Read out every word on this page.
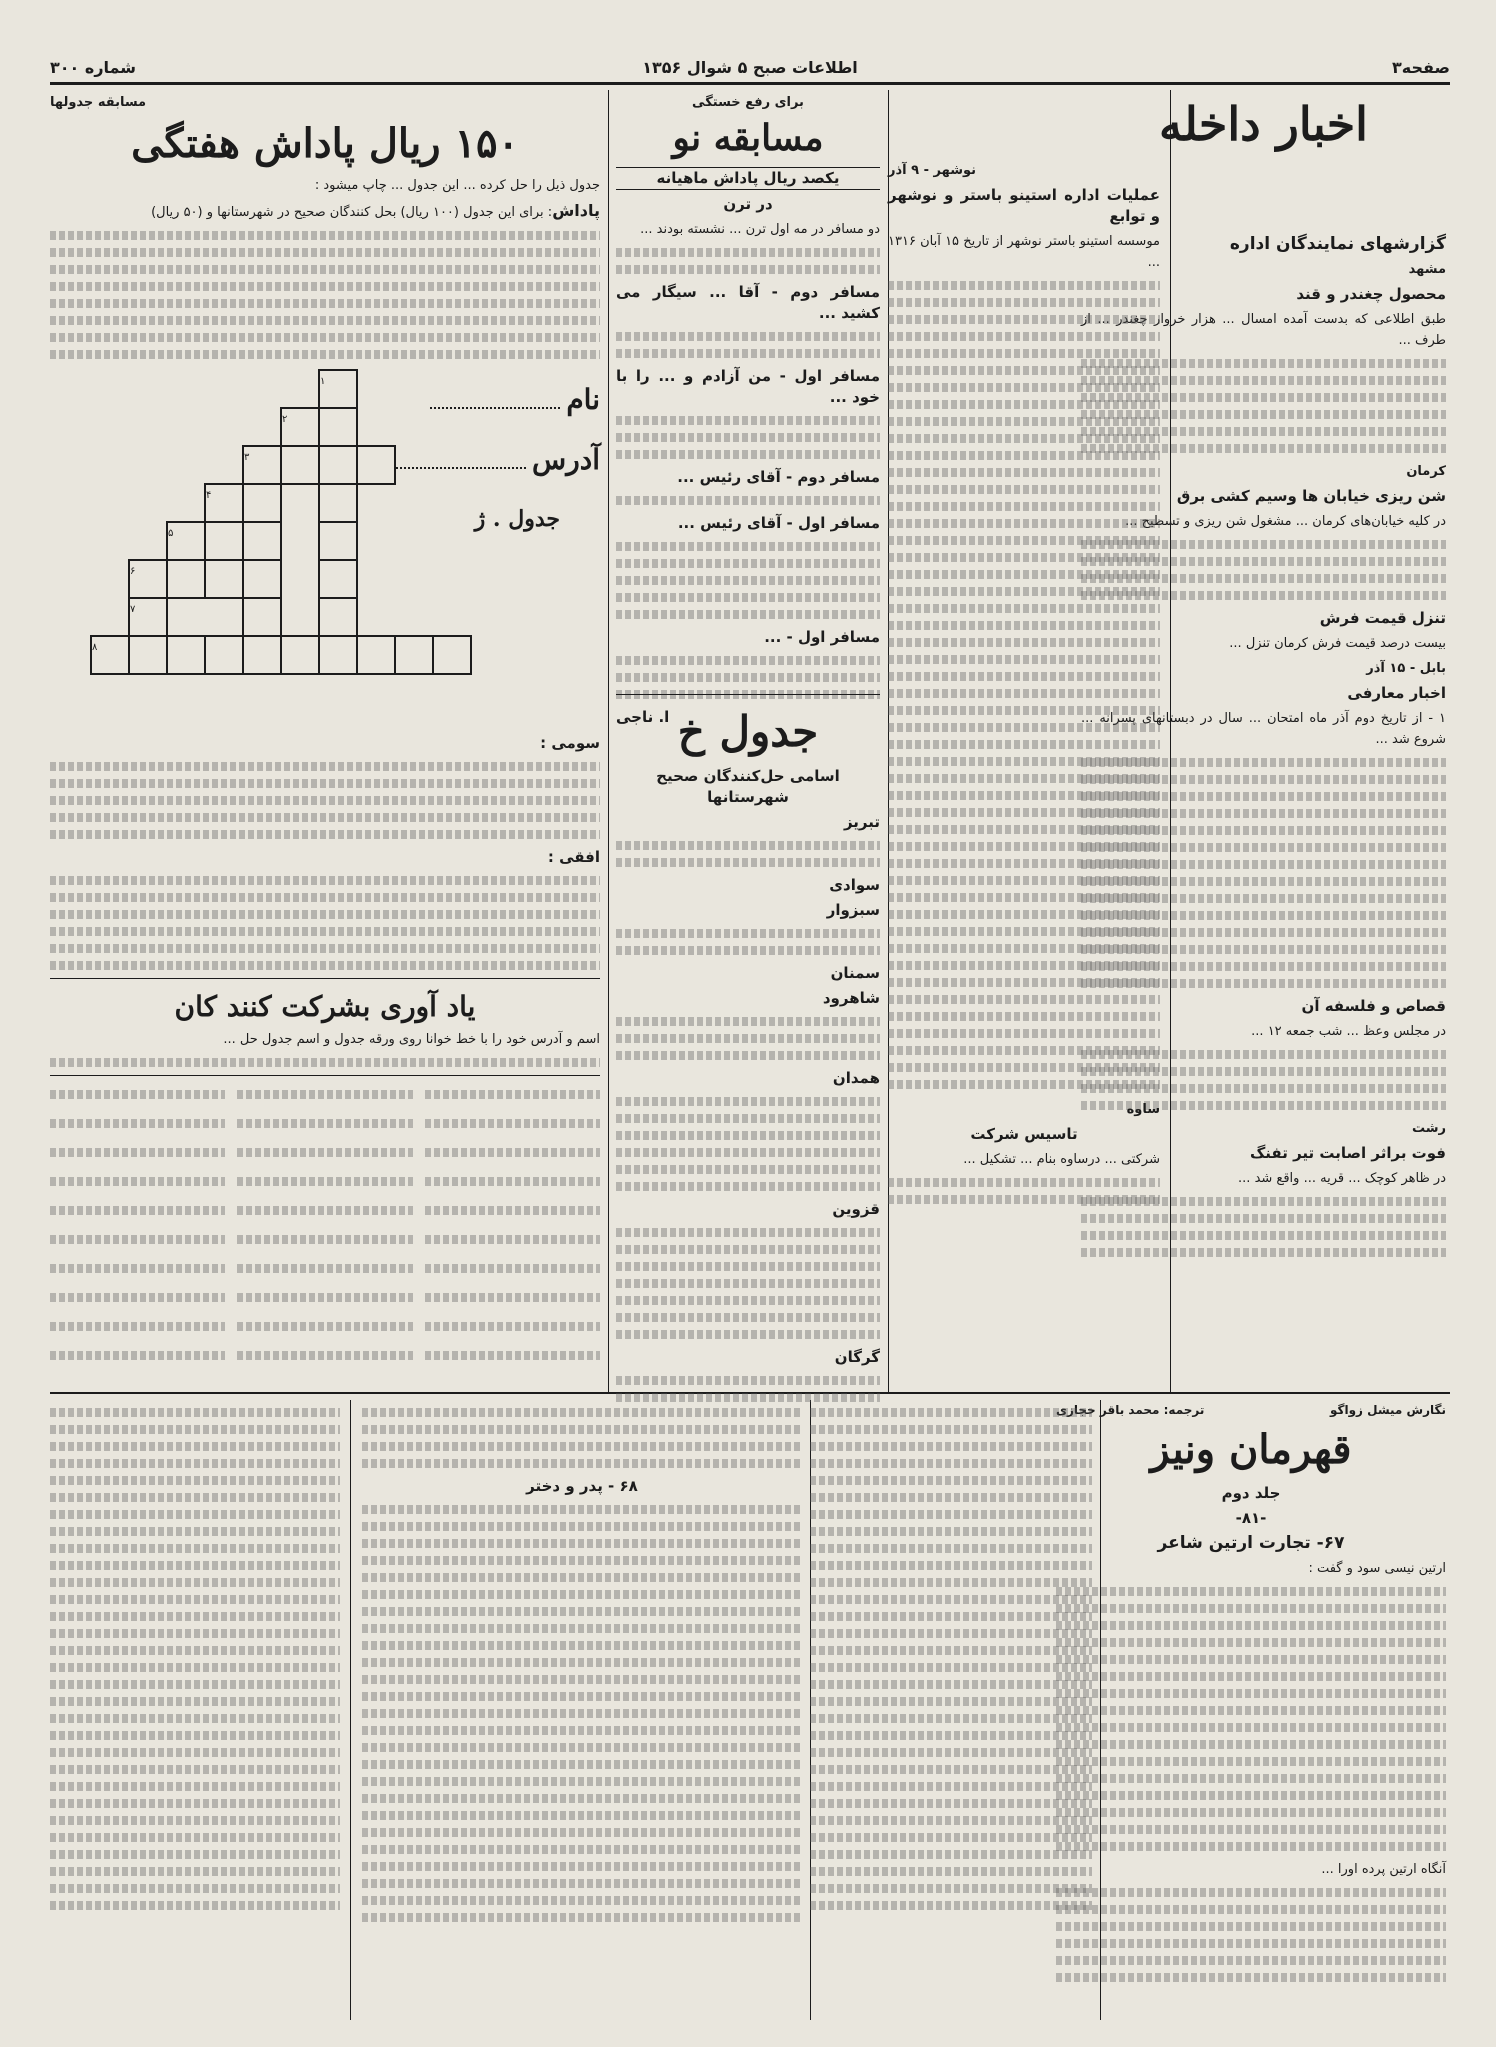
صفحه۳
اطلاعات صبح ۵ شوال ۱۳۵۶
شماره ۳۰۰
اخبار داخله
گزارشهای نمایندگان اداره
مشهد
محصول چغندر و قند

طبق اطلاعی که بدست آمده امسال ... هزار خروار چغندر ... از طرف ...

کرمان
شن ریزی خیابان ها وسیم کشی برق

در کلیه خیابان‌های کرمان ... مشغول شن ریزی و تسطیح ...

تنزل قیمت فرش

بیست درصد قیمت فرش کرمان تنزل ...

بابل - ۱۵ آذر
اخبار معارفی

۱ - از تاریخ دوم آذر ماه امتحان ... سال در دبستانهای پسرانه ... شروع شد ...

قصاص و فلسفه آن

در مجلس وعظ ... شب جمعه ۱۲ ...

رشت
فوت براثر اصابت تیر تفنگ

در ظاهر کوچک ... قریه ... واقع شد ...

نوشهر - ۹ آذر
عملیات اداره استینو باستر و نوشهر و توابع

موسسه استینو باستر نوشهر از تاریخ ۱۵ آبان ۱۳۱۶ ...

ساوه
تاسیس شرکت

شرکتی ... درساوه بنام ... تشکیل ...

برای رفع خستگی
مسابقه نو
یکصد ریال پاداش ماهیانه
در ترن

دو مسافر در مه اول ترن ... نشسته بودند ...

مسافر دوم - آقا ... سیگار می کشید ...

مسافر اول - من آزادم و ... را با خود ...

مسافر دوم - آقای رئیس ...

مسافر اول - آقای رئیس ...

مسافر اول - ...

ا. ناجی جدول خ
اسامی حل‌کنندگان صحیح شهرستانها
تبریز
سوادی
سبزوار
سمنان
شاهرود
همدان
قزوین
گرگان
مسابقه جدولها
۱۵۰ ریال پاداش هفتگی

جدول ذیل را حل کرده ... این جدول ... چاپ میشود :

پاداش: برای این جدول (۱۰۰ ریال) بحل کنندگان صحیح در شهرستانها و (۵۰ ریال)

نام
آدرس
جدول . ژ
						۱			
					۲				
				۳					
			۴						
		۵							
	۶								
	۷								
۸									
سومی :
افقی :
یاد آوری بشرکت کنند کان

اسم و آدرس خود را با خط خوانا روی ورقه جدول و اسم جدول حل ...

نگارش میشل زواگو
ترجمه: محمد باقر حجازی
قهرمان ونیز
جلد دوم
-۸۱-
۶۷- تجارت ارتین شاعر

ارتین نیسی سود و گفت :

آنگاه ارتین پرده اورا ...

۶۸ - پدر و دختر
